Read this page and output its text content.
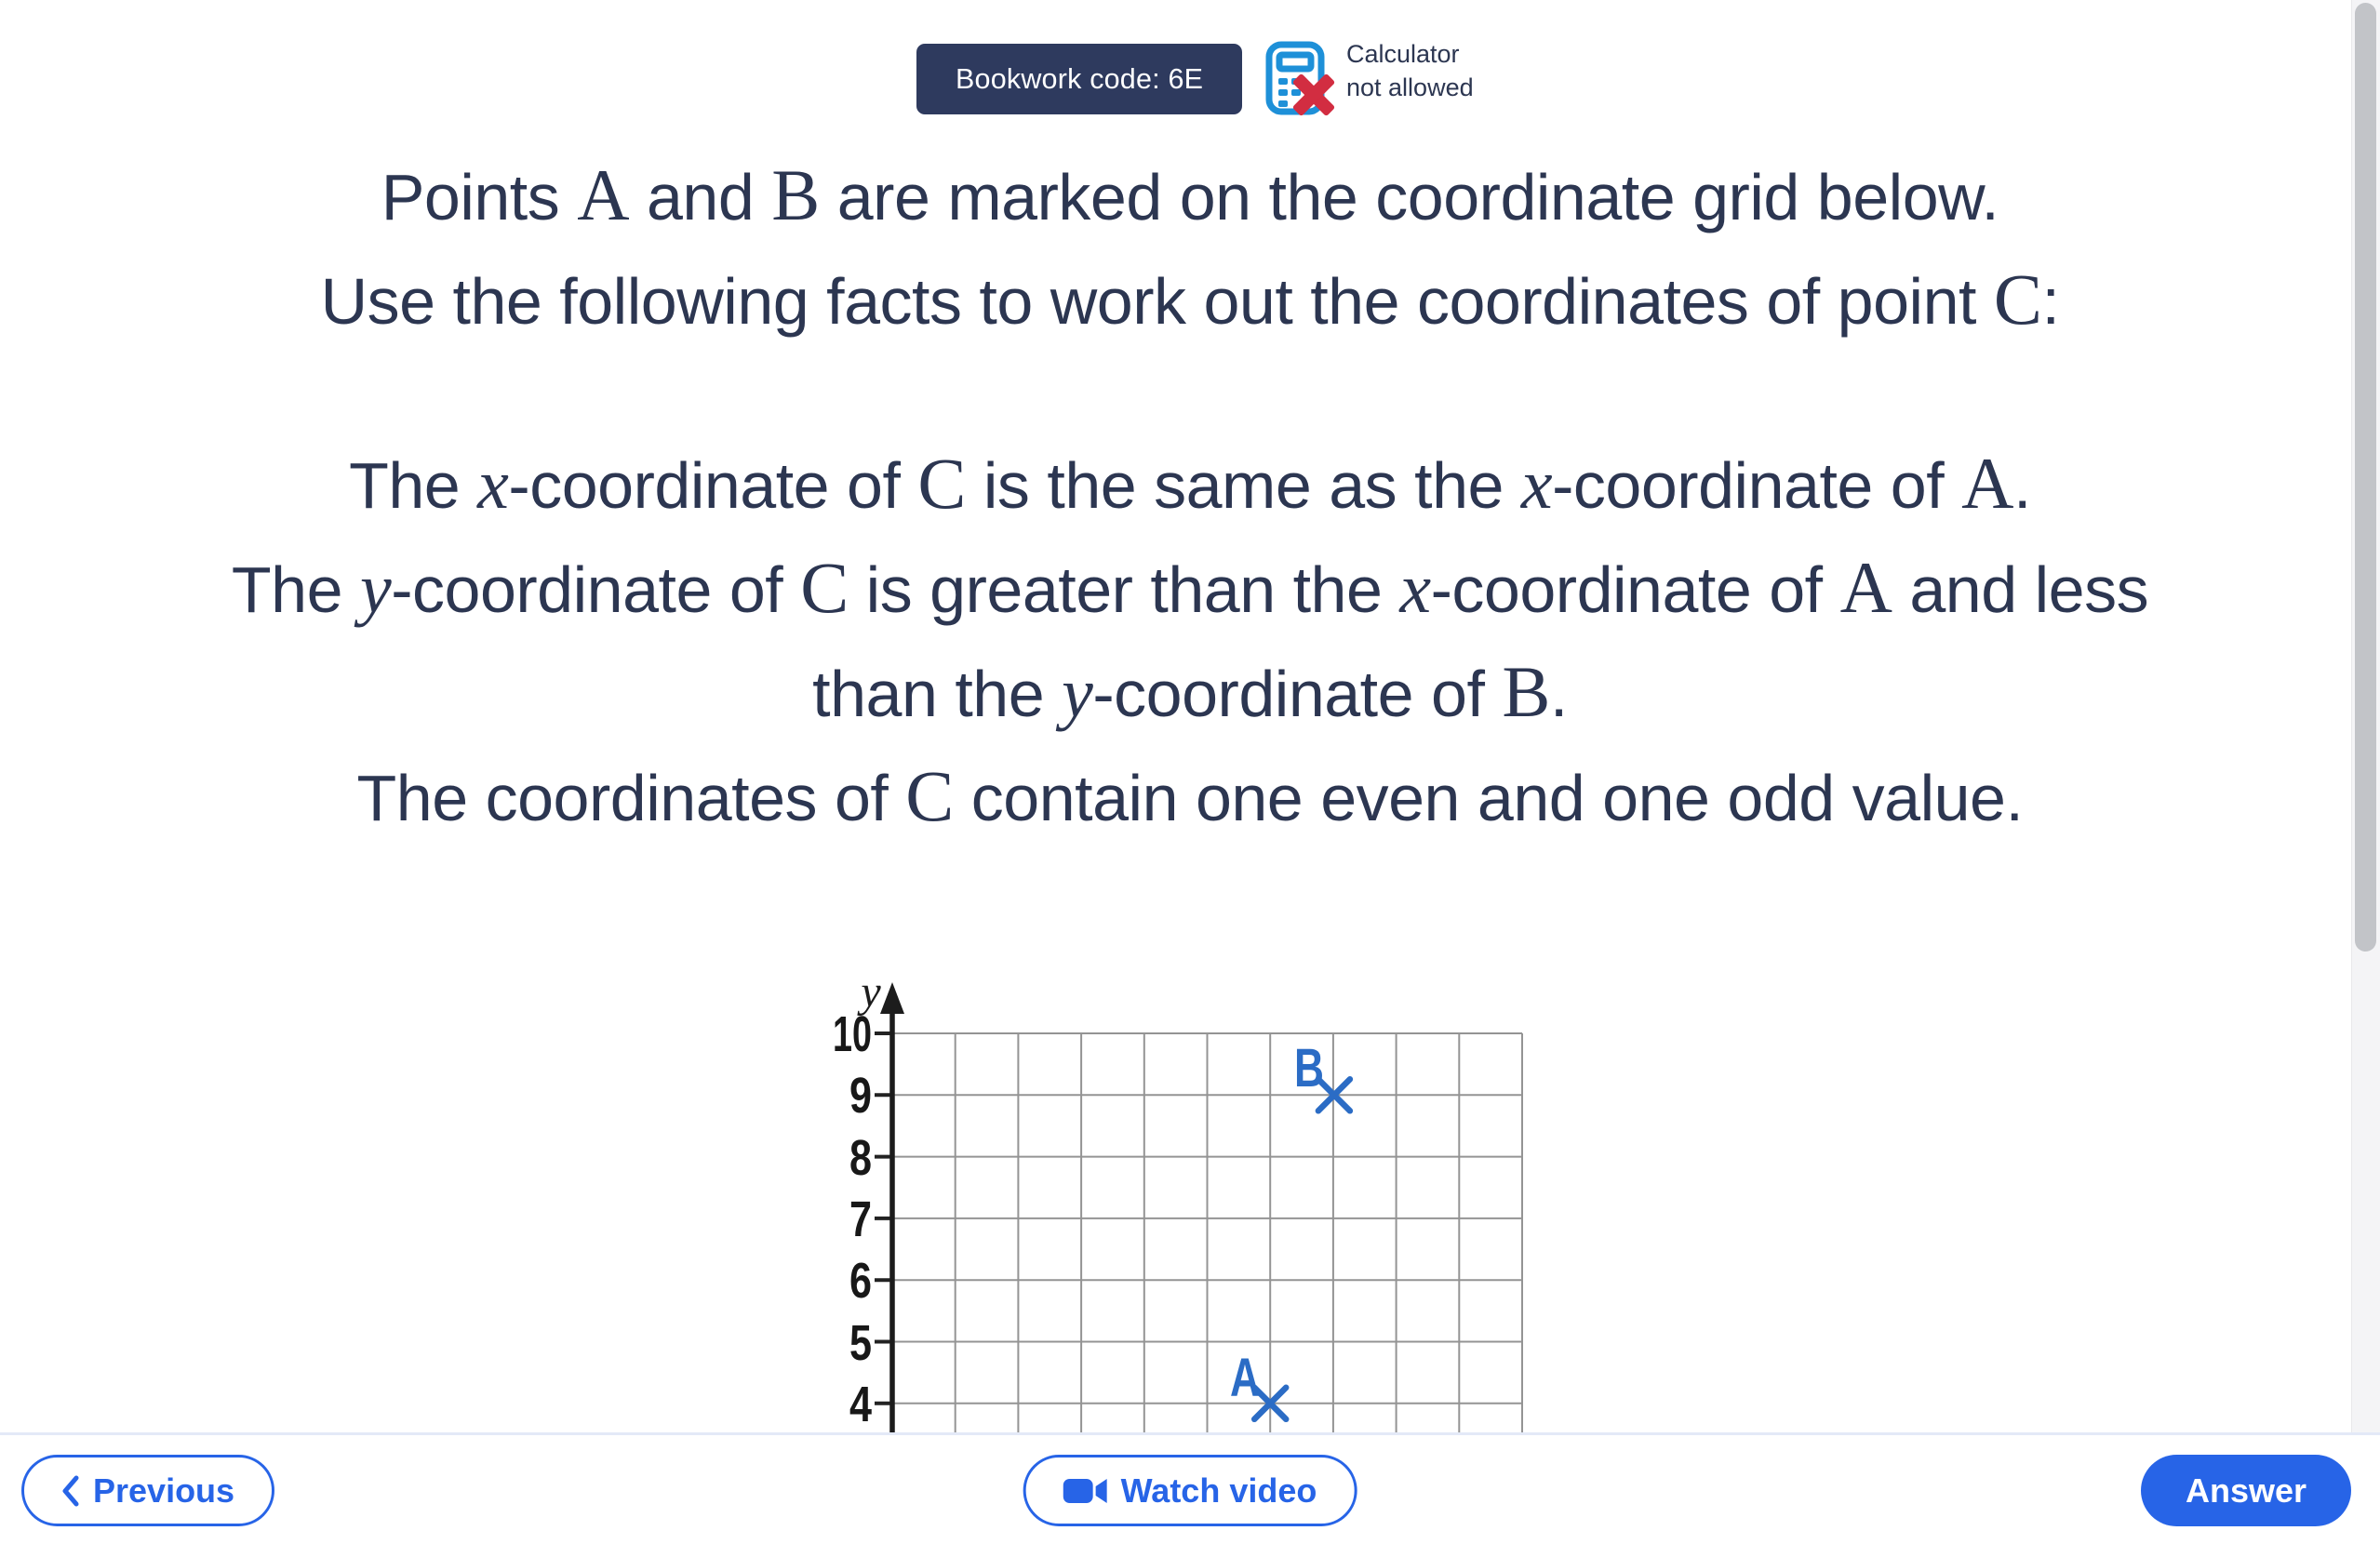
Bookwork code: 6E
Calculator
not allowed
Points A and B are marked on the coordinate grid below.
Use the following facts to work out the coordinates of point C:
The x-coordinate of C is the same as the x-coordinate of A.
The y-coordinate of C is greater than the x-coordinate of A and less
than the y-coordinate of B.
The coordinates of C contain one even and one odd value.
y
10
9
8
7
6
5
4
B
A
Previous	Watch video	Answer
